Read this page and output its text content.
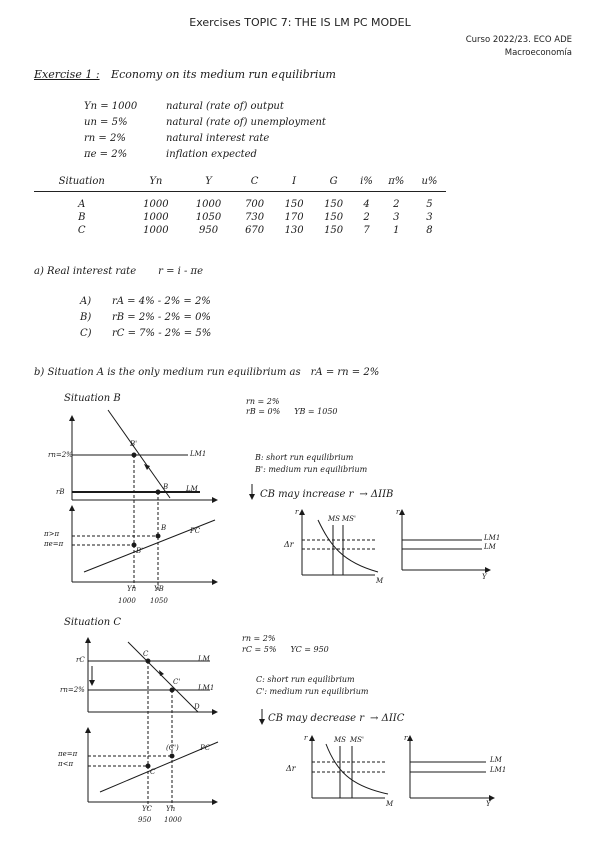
Exercises TOPIC 7: THE IS LM PC MODEL
Curso 2022/23. ECO ADE
Macroeconomía
Exercise 1 : Economy on its medium run equilibrium
Yn = 1000	natural (rate of) output
un = 5%	natural (rate of) unemployment
rn = 2%	natural interest rate
πe = 2%	inflation expected
Situation	Yn	Y	C	I	G	i%	π%	u%
A	1000	1000	700	150	150	4	2	5
B	1000	1050	730	170	150	2	3	3
C	1000	950	670	130	150	7	1	8
a) Real interest rate r = i - πe
A) rA = 4% - 2% = 2%
B) rB = 2% - 2% = 0%
C) rC = 7% - 2% = 5%
b) Situation A is the only medium run equilibrium as rA = rn = 2%
Situation B	rn = 2%
rB = 0% YB = 1050
rn=2%
rB
LM1
LM
B'
B
B
B'
π>π
πe=π
PC
Yn	YB
1000 1050
B: short run equilibrium
B': medium run equilibrium
CB may increase r → ΔIIB
r	r
MS MS'
Δr
LM1
LM
M	Y
Situation C
rn = 2%
rC = 5% YC = 950
rC
rn=2%
LM
LM1
C
C'
D
πe=π
π<π
PC
C
(C')
YC Yn
950 1000
C: short run equilibrium
C': medium run equilibrium
CB may decrease r → ΔIIC
r	r
MS MS'
Δr
LM
LM1
M	Y
